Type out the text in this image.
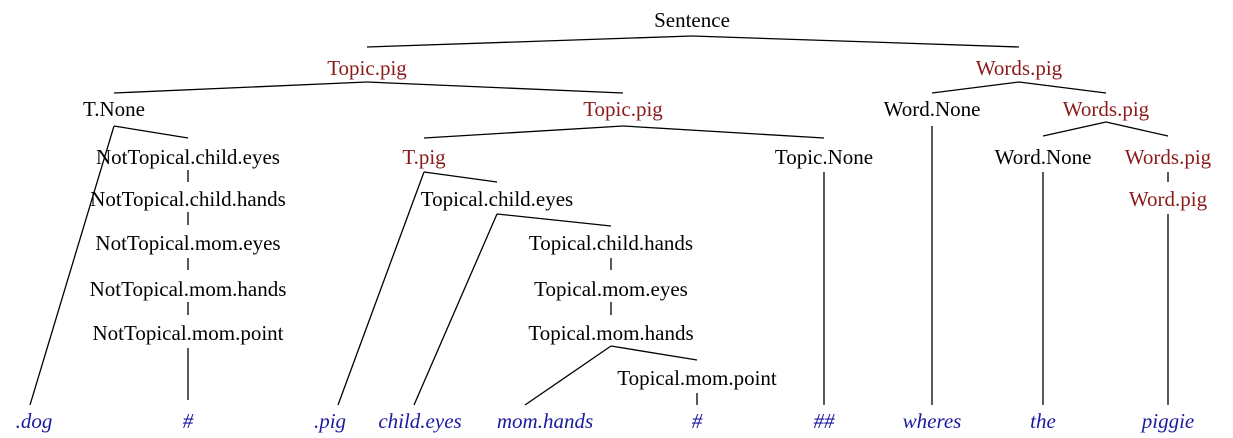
Sentence
Topic.pig	Words.pig
T.None	Topic.pig	Word.None	Words.pig
NotTopical.child.eyes	T.pig	Topic.None	Word.None Words.pig
NotTopical.child.hands	Topical.child.eyes	Word.pig
NotTopical.mom.eyes	Topical.child.hands
NotTopical.mom.hands	Topical.mom.eyes
NotTopical.mom.point	Topical.mom.hands
Topical.mom.point
.dog	#	.pig child.eyes mom.hands	#	##	wheres	the	piggie
